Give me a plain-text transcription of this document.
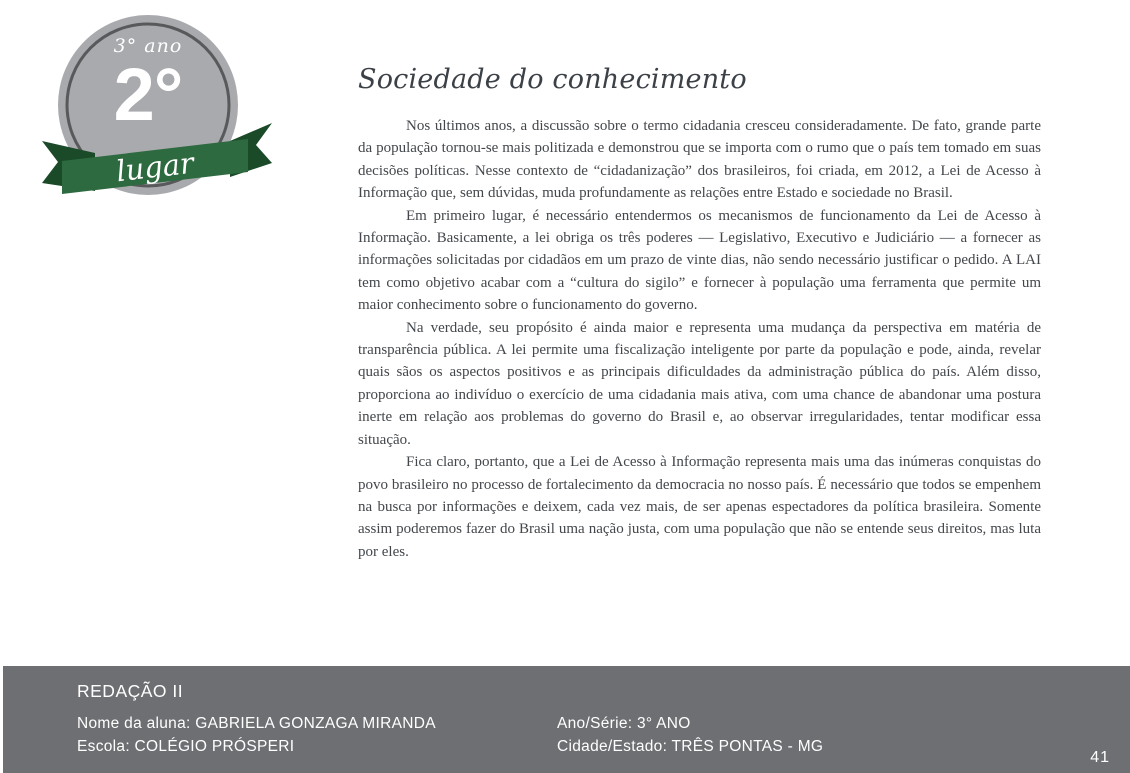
3° ano
2°
lugar
Sociedade do conhecimento

Nos últimos anos, a discussão sobre o termo cidadania cresceu consideradamente. De fato, grande parte da população tornou-se mais politizada e demonstrou que se importa com o rumo que o país tem tomado em suas decisões políticas. Nesse contexto de “cidadanização” dos brasileiros, foi criada, em 2012, a Lei de Acesso à Informação que, sem dúvidas, muda profundamente as relações entre Estado e sociedade no Brasil.

Em primeiro lugar, é necessário entendermos os mecanismos de funcionamento da Lei de Acesso à Informação. Basicamente, a lei obriga os três poderes — Legislativo, Executivo e Judiciário — a fornecer as informações solicitadas por cidadãos em um prazo de vinte dias, não sendo necessário justificar o pedido. A LAI tem como objetivo acabar com a “cultura do sigilo” e fornecer à população uma ferramenta que permite um maior conhecimento sobre o funcionamento do governo.

Na verdade, seu propósito é ainda maior e representa uma mudança da perspectiva em matéria de transparência pública. A lei permite uma fiscalização inteligente por parte da população e pode, ainda, revelar quais sãos os aspectos positivos e as principais dificuldades da administração pública do país. Além disso, proporciona ao indivíduo o exercício de uma cidadania mais ativa, com uma chance de abandonar uma postura inerte em relação aos problemas do governo do Brasil e, ao observar irregularidades, tentar modificar essa situação.

Fica claro, portanto, que a Lei de Acesso à Informação representa mais uma das inúmeras conquistas do povo brasileiro no processo de fortalecimento da democracia no nosso país. É necessário que todos se empenhem na busca por informações e deixem, cada vez mais, de ser apenas espectadores da política brasileira. Somente assim poderemos fazer do Brasil uma nação justa, com uma população que não se entende seus direitos, mas luta por eles.

REDAÇÃO II
Nome da aluna: GABRIELA GONZAGA MIRANDA
Escola: COLÉGIO PRÓSPERI
Ano/Série: 3° ANO
Cidade/Estado: TRÊS PONTAS - MG
41
